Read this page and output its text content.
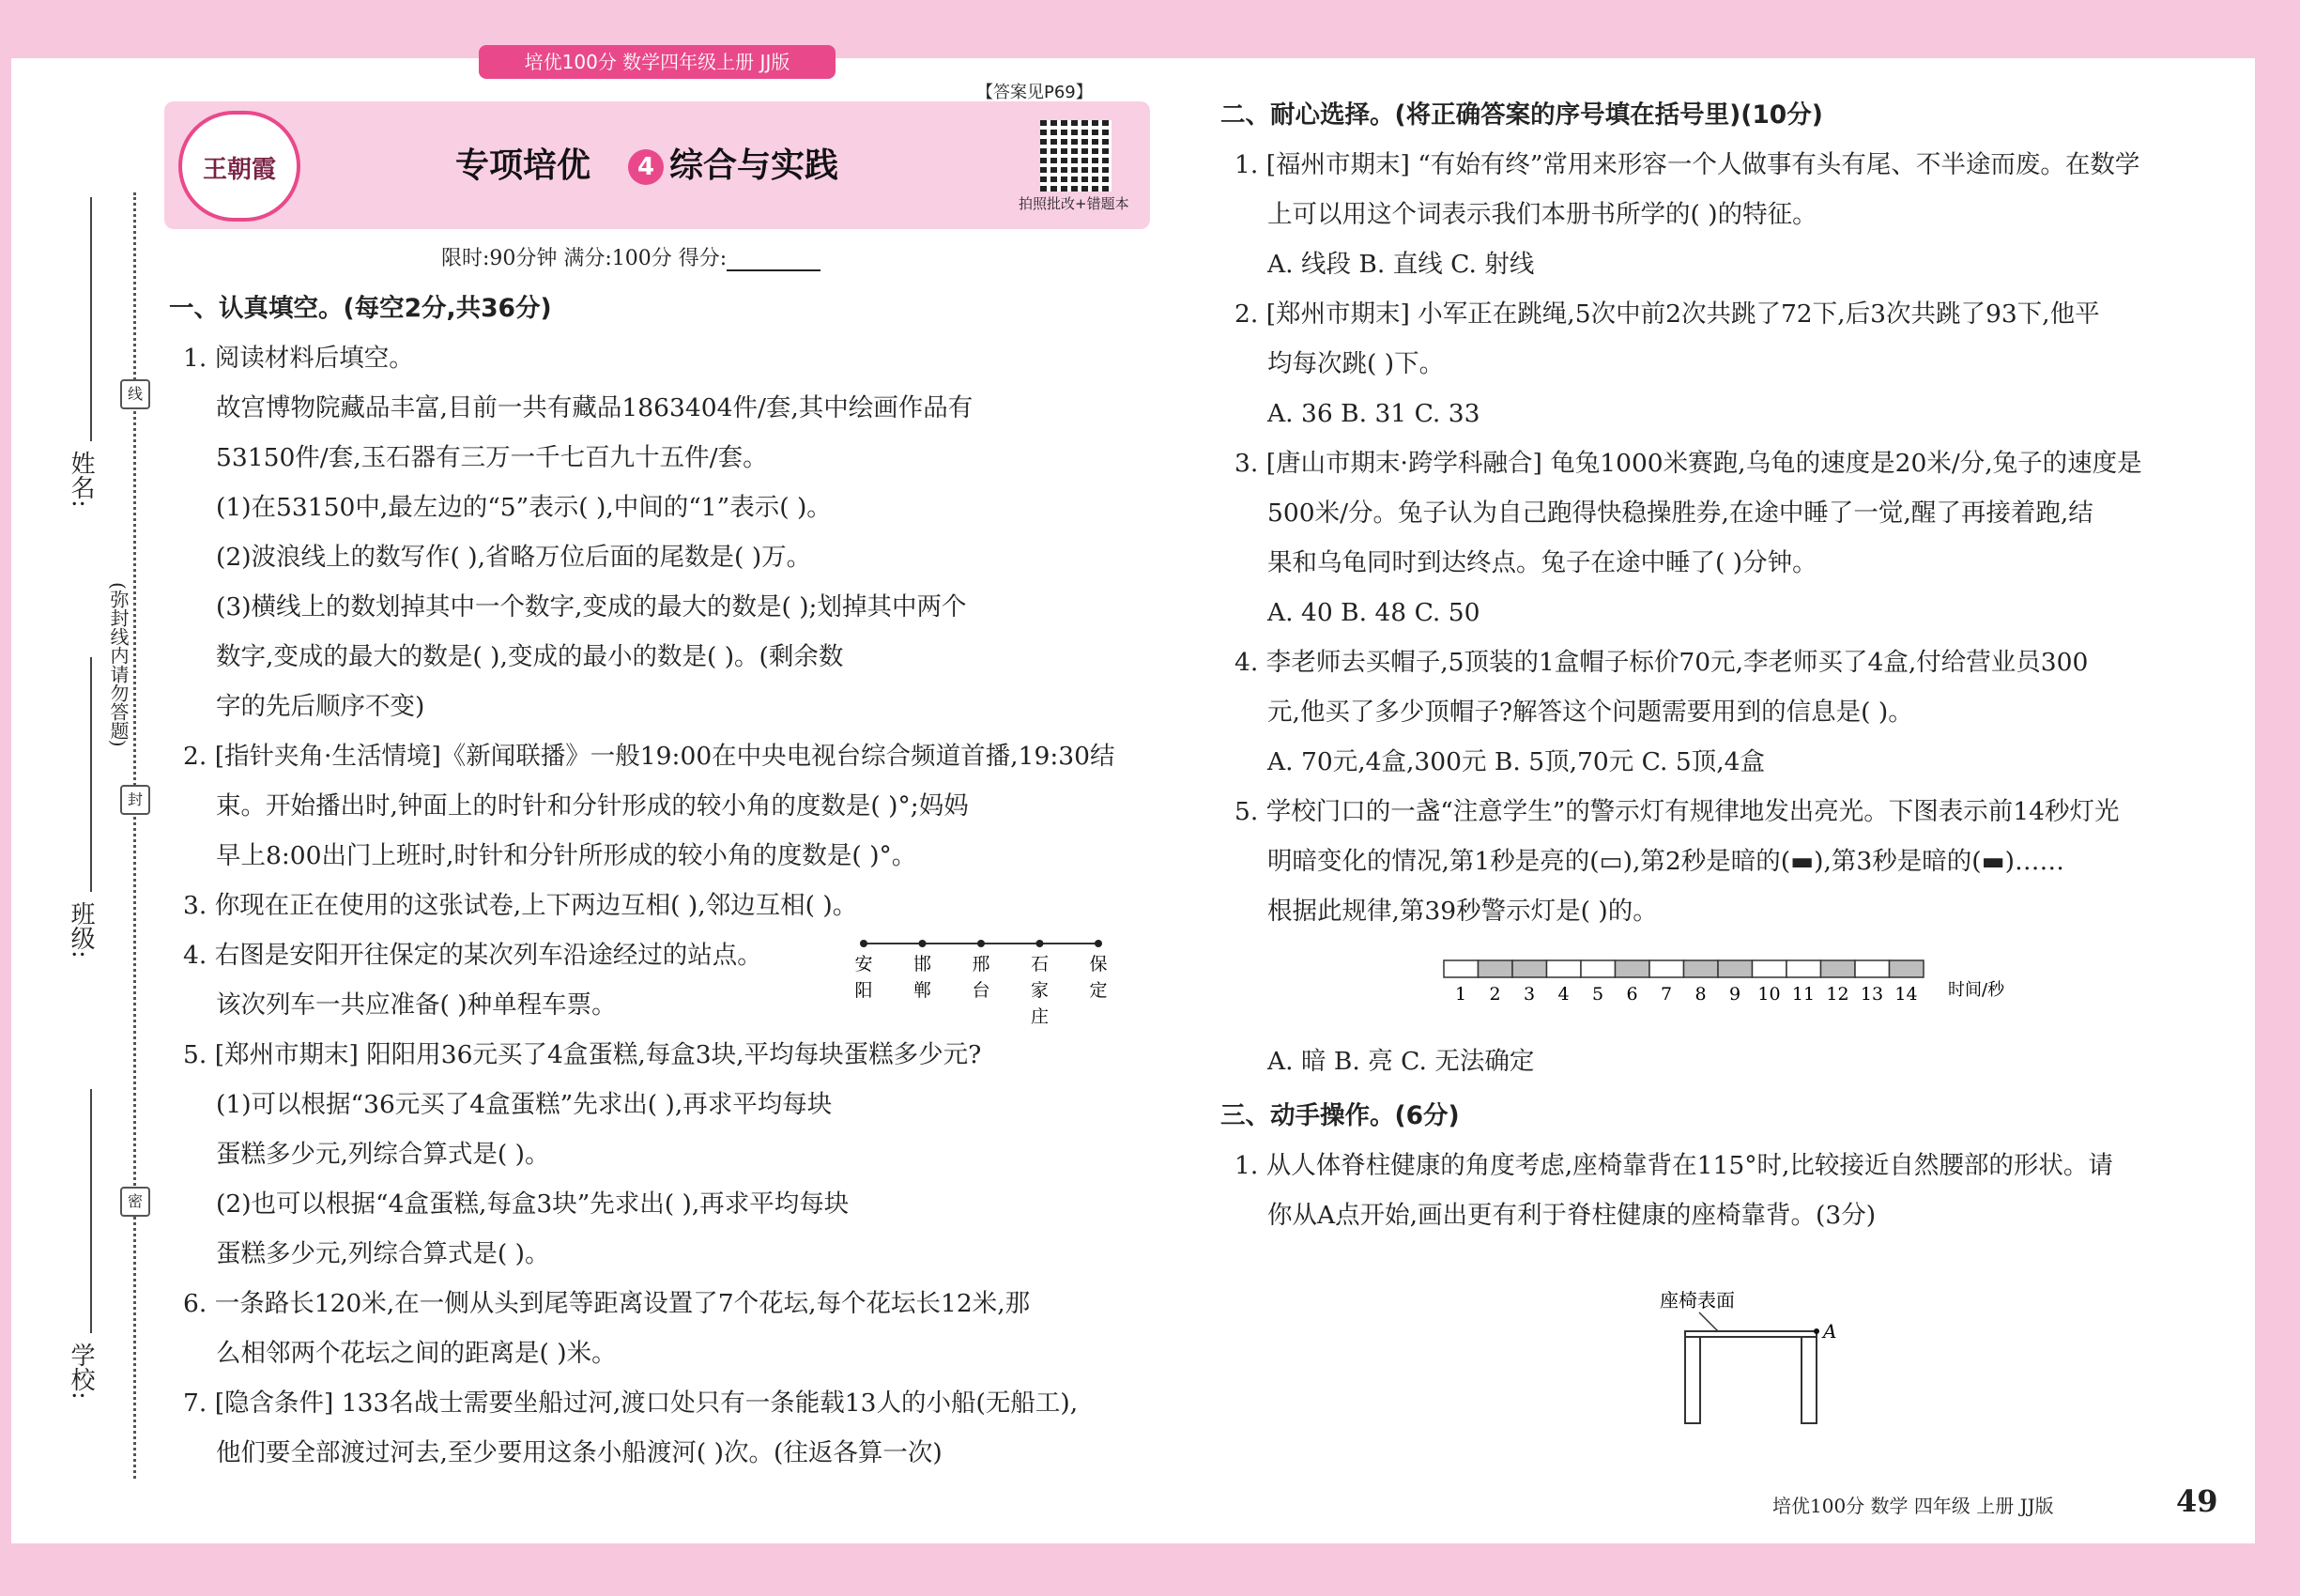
培优100分 数学四年级上册 JJ版
王朝霞
【答案见P69】
专项培优 4 综合与实践
拍照批改+错题本
姓名:
班级:
学校:
线
封
密
(弥封线内请勿答题)
限时:90分钟 满分:100分 得分:
一、认真填空。(每空2分,共36分)
1. 阅读材料后填空。
故宫博物院藏品丰富,目前一共有藏品1863404件/套,其中绘画作品有
53150件/套,玉石器有三万一千七百九十五件/套。
(1)在53150中,最左边的“5”表示( ),中间的“1”表示( )。
(2)波浪线上的数写作( ),省略万位后面的尾数是( )万。
(3)横线上的数划掉其中一个数字,变成的最大的数是( );划掉其中两个
数字,变成的最大的数是( ),变成的最小的数是( )。(剩余数
字的先后顺序不变)
2. [指针夹角·生活情境]《新闻联播》一般19:00在中央电视台综合频道首播,19:30结
束。开始播出时,钟面上的时针和分针形成的较小角的度数是( )°;妈妈
早上8:00出门上班时,时针和分针所形成的较小角的度数是( )°。
3. 你现在正在使用的这张试卷,上下两边互相( ),邻边互相( )。
4. 右图是安阳开往保定的某次列车沿途经过的站点。
该次列车一共应准备( )种单程车票。
5. [郑州市期末] 阳阳用36元买了4盒蛋糕,每盒3块,平均每块蛋糕多少元?
(1)可以根据“36元买了4盒蛋糕”先求出( ),再求平均每块
蛋糕多少元,列综合算式是( )。
(2)也可以根据“4盒蛋糕,每盒3块”先求出( ),再求平均每块
蛋糕多少元,列综合算式是( )。
6. 一条路长120米,在一侧从头到尾等距离设置了7个花坛,每个花坛长12米,那
么相邻两个花坛之间的距离是( )米。
7. [隐含条件] 133名战士需要坐船过河,渡口处只有一条能载13人的小船(无船工),
他们要全部渡过河去,至少要用这条小船渡河( )次。(往返各算一次)
安阳
邯郸
邢台
石家庄
保定
二、耐心选择。(将正确答案的序号填在括号里)(10分)
1. [福州市期末] “有始有终”常用来形容一个人做事有头有尾、不半途而废。在数学
上可以用这个词表示我们本册书所学的( )的特征。
A. 线段 B. 直线 C. 射线
2. [郑州市期末] 小军正在跳绳,5次中前2次共跳了72下,后3次共跳了93下,他平
均每次跳( )下。
A. 36 B. 31 C. 33
3. [唐山市期末·跨学科融合] 龟兔1000米赛跑,乌龟的速度是20米/分,兔子的速度是
500米/分。兔子认为自己跑得快稳操胜券,在途中睡了一觉,醒了再接着跑,结
果和乌龟同时到达终点。兔子在途中睡了( )分钟。
A. 40 B. 48 C. 50
4. 李老师去买帽子,5顶装的1盒帽子标价70元,李老师买了4盒,付给营业员300
元,他买了多少顶帽子?解答这个问题需要用到的信息是( )。
A. 70元,4盒,300元 B. 5顶,70元 C. 5顶,4盒
5. 学校门口的一盏“注意学生”的警示灯有规律地发出亮光。下图表示前14秒灯光
明暗变化的情况,第1秒是亮的(▭),第2秒是暗的(▬),第3秒是暗的(▬)……
根据此规律,第39秒警示灯是( )的。
A. 暗 B. 亮 C. 无法确定
三、动手操作。(6分)
1. 从人体脊柱健康的角度考虑,座椅靠背在115°时,比较接近自然腰部的形状。请
你从A点开始,画出更有利于脊柱健康的座椅靠背。(3分)
1 2 3 4 5 6 7 8 9 10 11 12 13 14 时间/秒
座椅表面
A
培优100分 数学 四年级 上册 JJ版	49
